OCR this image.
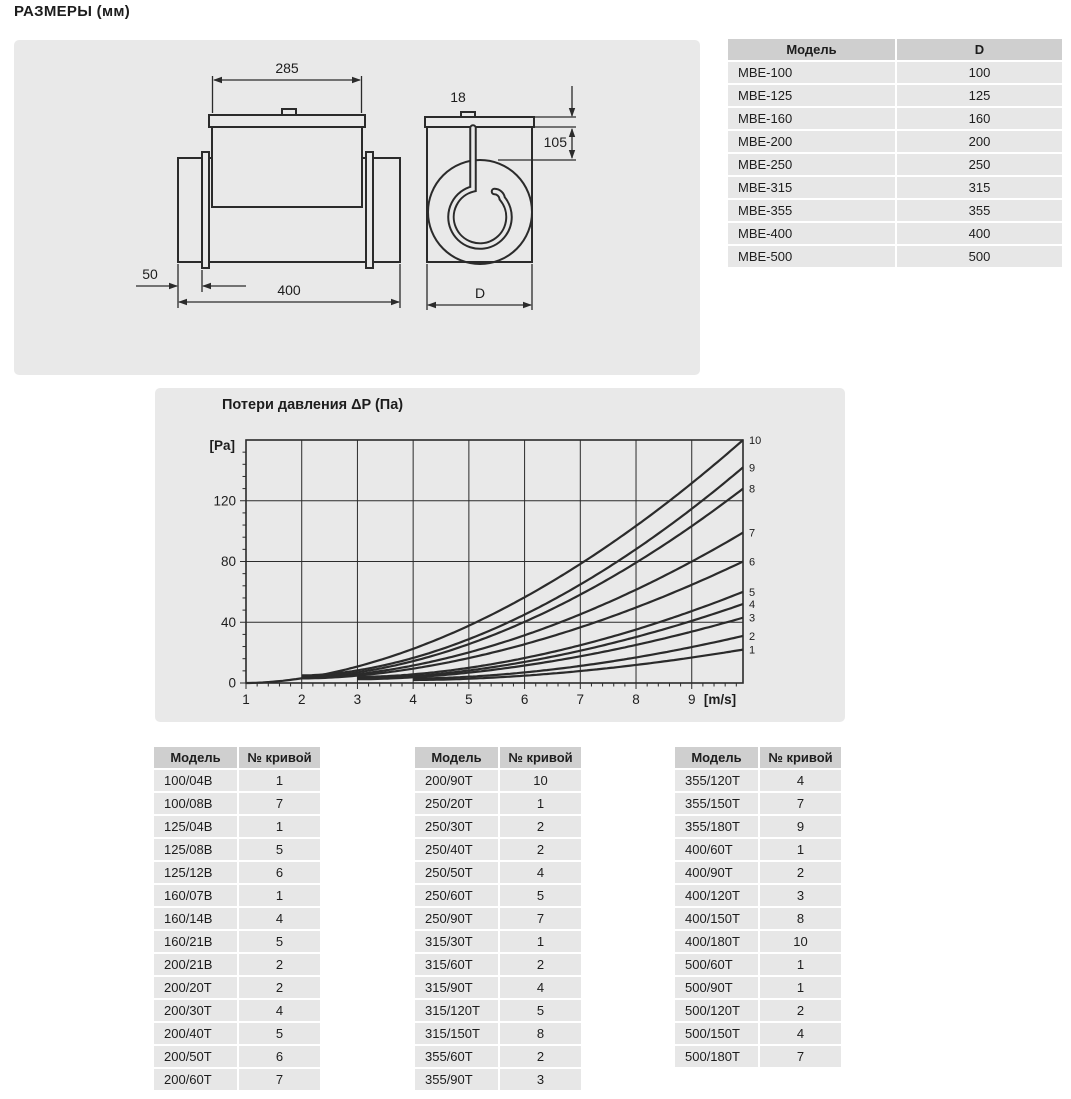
РАЗМЕРЫ (мм)
285
18
105
50
400	D
Модель	D
МВЕ-100	100
МВЕ-125	125
МВЕ-160	160
МВЕ-200	200
МВЕ-250	250
МВЕ-315	315
МВЕ-355	355
МВЕ-400	400
МВЕ-500	500
Потери давления ΔP (Па)
1	2	3	4	5	6	7	8	9
0
40
80
120
[m/s]
[Pa]	10
9
8
7
6
5
4
3
2
1
Модель	№ кривой
100/04В	1
100/08В	7
125/04В	1
125/08В	5
125/12В	6
160/07В	1
160/14В	4
160/21В	5
200/21В	2
200/20Т	2
200/30Т	4
200/40Т	5
200/50Т	6
200/60Т	7
Модель	№ кривой
200/90Т	10
250/20Т	1
250/30Т	2
250/40Т	2
250/50Т	4
250/60Т	5
250/90Т	7
315/30Т	1
315/60Т	2
315/90Т	4
315/120Т	5
315/150Т	8
355/60Т	2
355/90Т	3
Модель	№ кривой
355/120Т	4
355/150Т	7
355/180Т	9
400/60Т	1
400/90Т	2
400/120Т	3
400/150Т	8
400/180Т	10
500/60Т	1
500/90Т	1
500/120Т	2
500/150Т	4
500/180Т	7
